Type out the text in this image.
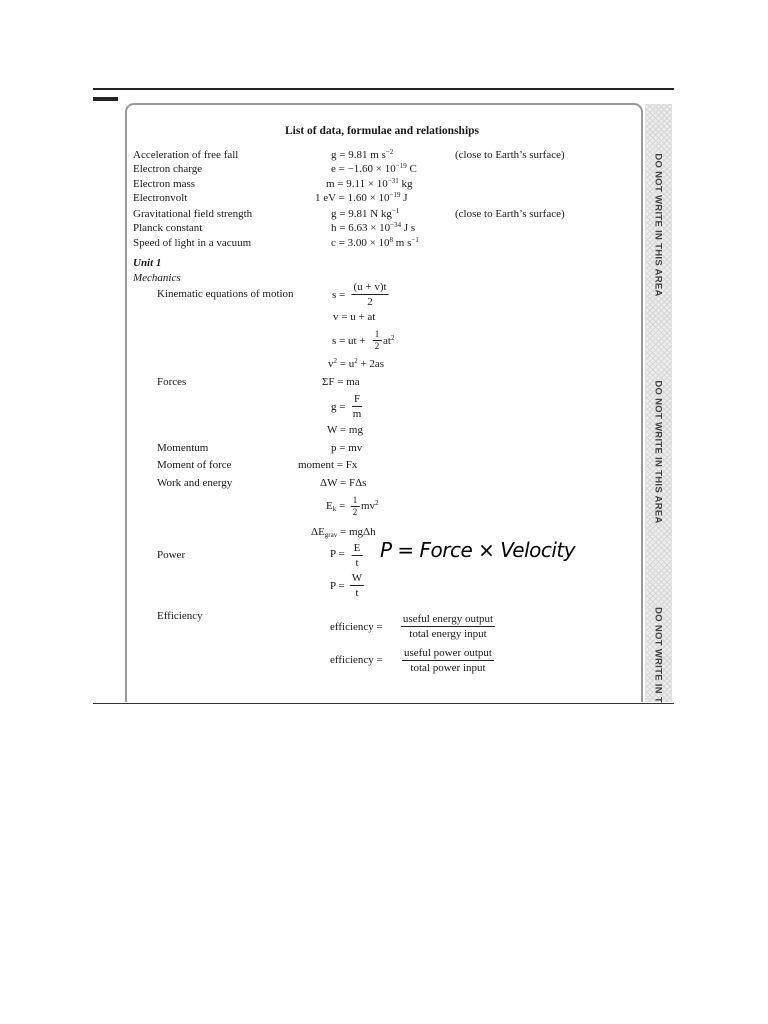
DO NOT WRITE IN THIS AREA
DO NOT WRITE IN THIS AREA
DO NOT WRITE IN T
List of data, formulae and relationships
Acceleration of free fall
Electron charge
Electron mass
Electronvolt
Gravitational field strength
Planck constant
Speed of light in a vacuum
g = 9.81 m $s^{-2}$
$e = -1.60 \times 10^{-19}$ C
$m = 9.11 \times 10^{-31}$ kg
1 eV = $1.60 \times 10^{-19}$ J
g = 9.81 N $kg^{-1}$
$h = 6.63 \times 10^{-34}$ J s
$c = 3.00 \times 10^8$ m $s^{-1}$
(close to Earth’s surface)
(close to Earth’s surface)
Unit 1
Mechanics
Kinematic equations of motion
Forces
Momentum
Moment of force
Work and energy
Power
Efficiency
$s = \frac{(u + v)t}{2}$
v = u + at
s = ut + $\frac{1}{2} at^2$
$v^2 = u^2 + 2as$
ΣF = ma
$g = \frac{F}{m}$
W = mg
p = mv
moment = Fx
ΔW = FΔs
$E_k = \frac{1}{2} mv^2$
$\Delta E_{grav} = mg\Delta h$
$P = \frac{E}{t}$
$P = \frac{W}{t}$
efficiency =
useful energy output
total energy input
efficiency =
useful power output
total power input
P = Force × Velocity
